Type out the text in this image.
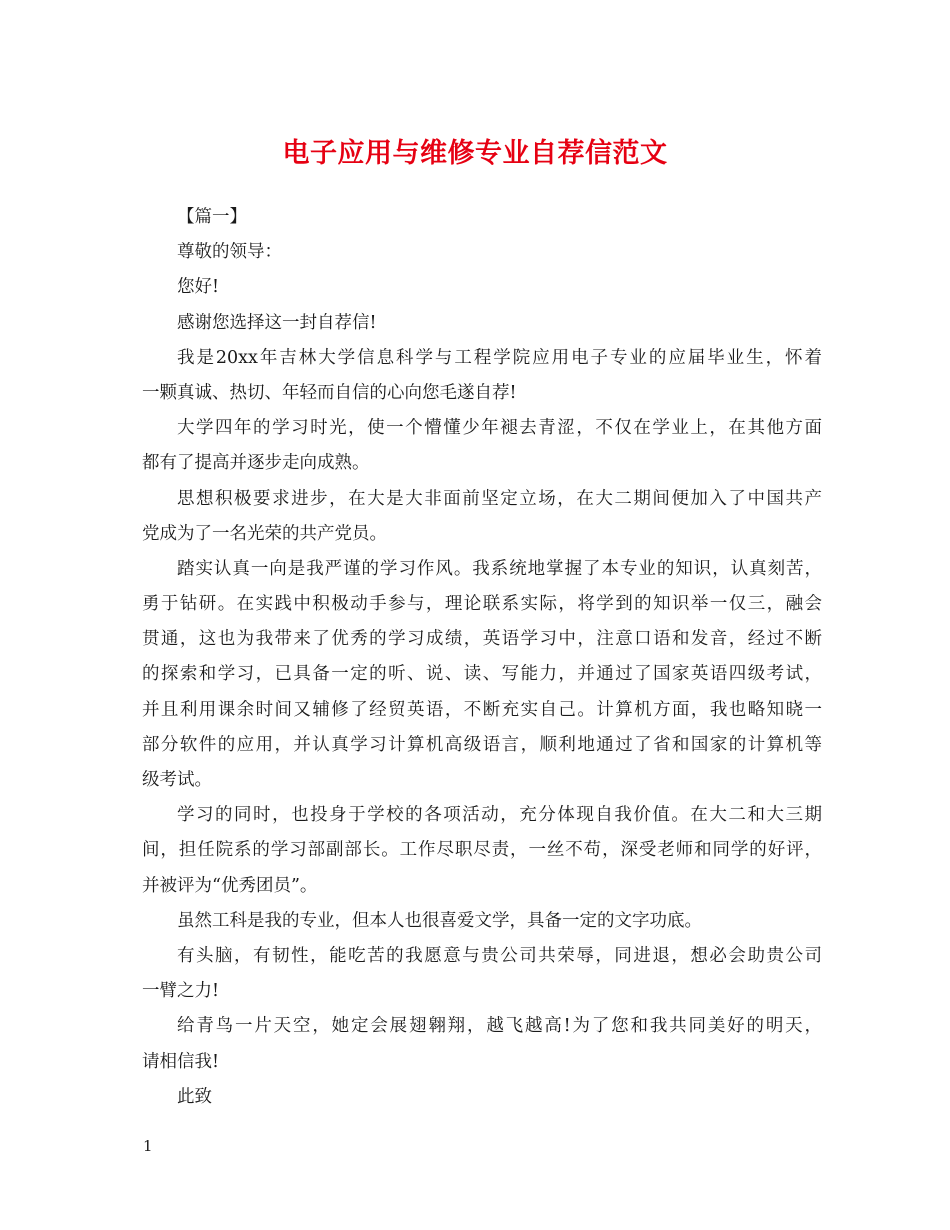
电子应用与维修专业自荐信范文
【篇一】
尊敬的领导：
您好!
感谢您选择这一封自荐信!
我是20xx年吉林大学信息科学与工程学院应用电子专业的应届毕业生，怀着
一颗真诚、热切、年轻而自信的心向您毛遂自荐!
大学四年的学习时光，使一个懵懂少年褪去青涩，不仅在学业上，在其他方面
都有了提高并逐步走向成熟。
思想积极要求进步，在大是大非面前坚定立场，在大二期间便加入了中国共产
党成为了一名光荣的共产党员。
踏实认真一向是我严谨的学习作风。我系统地掌握了本专业的知识，认真刻苦，
勇于钻研。在实践中积极动手参与，理论联系实际，将学到的知识举一仅三，融会
贯通，这也为我带来了优秀的学习成绩，英语学习中，注意口语和发音，经过不断
的探索和学习，已具备一定的听、说、读、写能力，并通过了国家英语四级考试，
并且利用课余时间又辅修了经贸英语，不断充实自己。计算机方面，我也略知晓一
部分软件的应用，并认真学习计算机高级语言，顺利地通过了省和国家的计算机等
级考试。
学习的同时，也投身于学校的各项活动，充分体现自我价值。在大二和大三期
间，担任院系的学习部副部长。工作尽职尽责，一丝不苟，深受老师和同学的好评，
并被评为“优秀团员”。
虽然工科是我的专业，但本人也很喜爱文学，具备一定的文字功底。
有头脑，有韧性，能吃苦的我愿意与贵公司共荣辱，同进退，想必会助贵公司
一臂之力!
给青鸟一片天空，她定会展翅翱翔，越飞越高!为了您和我共同美好的明天，
请相信我!
此致
1
